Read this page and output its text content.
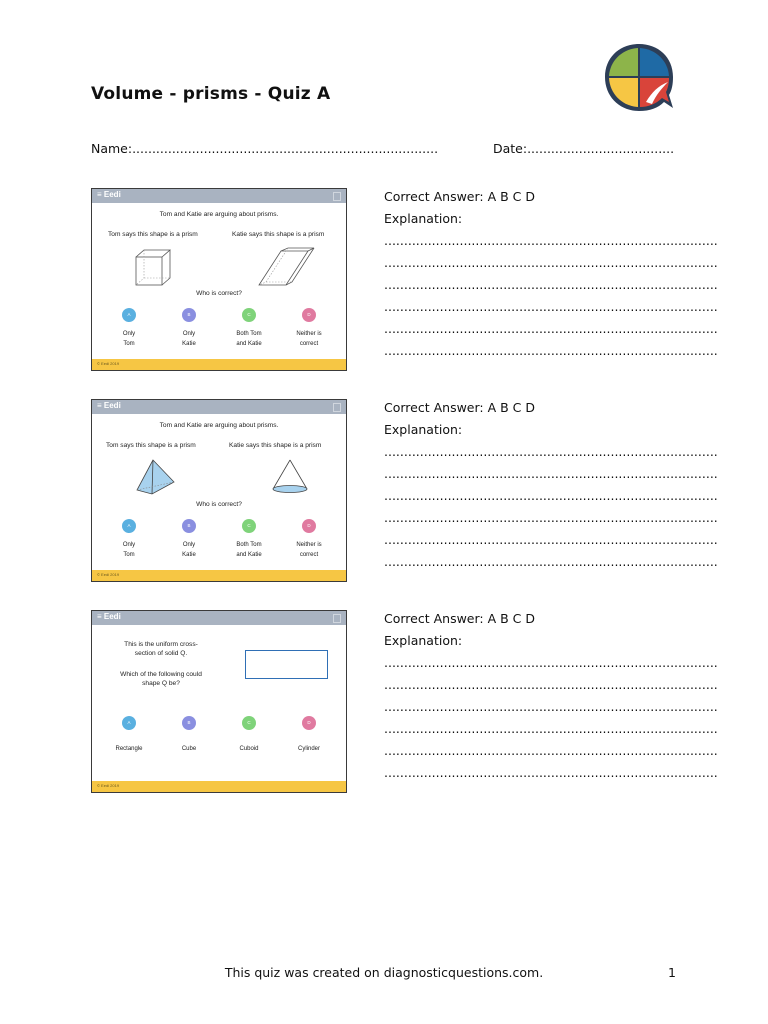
Volume - prisms - Quiz A
Name:.............................................................................	Date:.....................................
≡ Eedi
Tom and Katie are arguing about prisms.
Tom says this shape is a prism	Katie says this shape is a prism
Who is correct?
A	B	C	D
Only
Tom
Only
Katie
Both Tom
and Katie
Neither is
correct
© Eedi 2019
Correct Answer: A B C D
Explanation:
....................................................................................
....................................................................................
....................................................................................
....................................................................................
....................................................................................
....................................................................................
≡ Eedi
Tom and Katie are arguing about prisms.
Tom says this shape is a prism	Katie says this shape is a prism
Who is correct?
A	B	C	D
Only
Tom
Only
Katie
Both Tom
and Katie
Neither is
correct
© Eedi 2019
Correct Answer: A B C D
Explanation:
....................................................................................
....................................................................................
....................................................................................
....................................................................................
....................................................................................
....................................................................................
≡ Eedi
This is the uniform cross-
section of solid Q.
Which of the following could
shape Q be?
A	B	C	D
Rectangle	Cube	Cuboid	Cylinder
© Eedi 2019
Correct Answer: A B C D
Explanation:
....................................................................................
....................................................................................
....................................................................................
....................................................................................
....................................................................................
....................................................................................
This quiz was created on diagnosticquestions.com.	1
